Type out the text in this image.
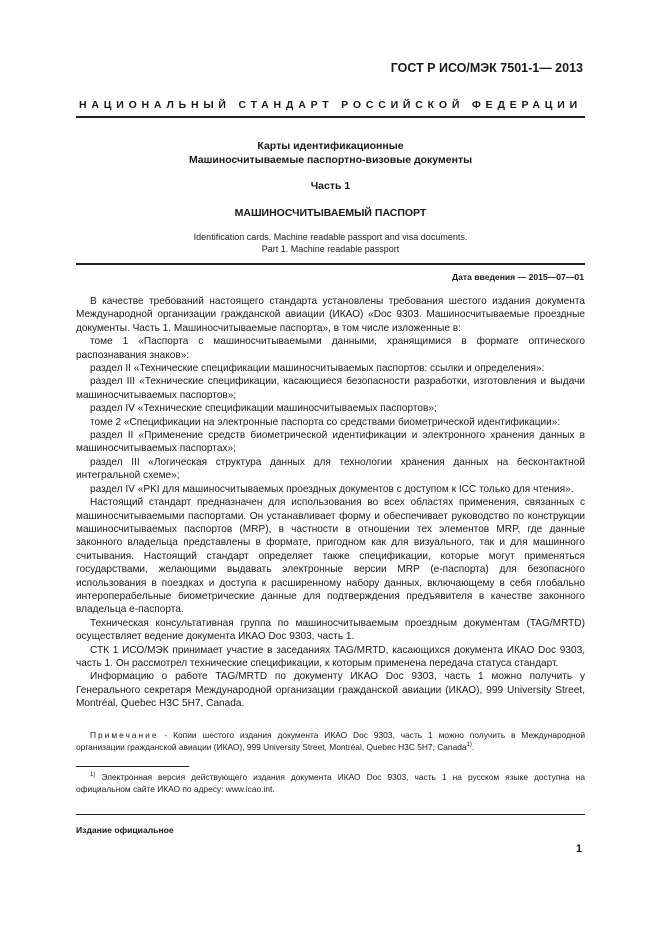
ГОСТ Р ИСО/МЭК 7501-1— 2013
НАЦИОНАЛЬНЫЙ СТАНДАРТ РОССИЙСКОЙ ФЕДЕРАЦИИ
Карты идентификационные
Машиносчитываемые паспортно-визовые документы
Часть 1
МАШИНОСЧИТЫВАЕМЫЙ ПАСПОРТ
Identification cards. Machine readable passport and visa documents.
Part 1. Machine readable passport
Дата введения — 2015—07—01

В качестве требований настоящего стандарта установлены требования шестого издания документа Международной организации гражданской авиации (ИКАО) «Doc 9303. Машиносчитываемые проездные документы. Часть 1. Машиносчитываемые паспорта», в том числе изложенные в:

томе 1 «Паспорта с машиносчитываемыми данными, хранящимися в формате оптического распознавания знаков»:

раздел II «Технические спецификации машиносчитываемых паспортов: ссылки и определения»:

раздел III «Технические спецификации, касающиеся безопасности разработки, изготовления и выдачи машиносчитываемых паспортов»;

раздел IV «Технические спецификации машиносчитываемых паспортов»;

томе 2 «Спецификации на электронные паспорта со средствами биометрической идентификации»:

раздел II «Применение средств биометрической идентификации и электронного хранения данных в машиносчитываемых паспортах»;

раздел III «Логическая структура данных для технологии хранения данных на бесконтактной интегральной схеме»;

раздел IV «PKI для машиносчитываемых проездных документов с доступом к ICC только для чтения».

Настоящий стандарт предназначен для использования во всех областях применения, связанных с машиносчитываемыми паспортами. Он устанавливает форму и обеспечивает руководство по конструкции машиносчитываемых паспортов (MRP), в частности в отношении тех элементов MRP, где данные законного владельца представлены в формате, пригодном как для визуального, так и для машинного считывания. Настоящий стандарт определяет также спецификации, которые могут применяться государствами, желающими выдавать электронные версии MRP (е-паспорта) для безопасного использования в поездках и доступа к расширенному набору данных, включающему в себя глобально интероперабельные биометрические данные для подтверждения предъявителя в качестве законного владельца е-паспорта.

Техническая консультативная группа по машиносчитываемым проездным документам (TAG/MRTD) осуществляет ведение документа ИКАО Doc 9303, часть 1.

СТК 1 ИСО/МЭК принимает участие в заседаниях TAG/MRTD, касающихся документа ИКАО Doc 9303, часть 1. Он рассмотрел технические спецификации, к которым применена передача статуса стандарт.

Информацию о работе TAG/MRTD по документу ИКАО Doc 9303, часть 1 можно получить у Генерального секретаря Международной организации гражданской авиации (ИКАО), 999 University Street, Montréal, Quebec H3C 5H7, Canada.

Примечание - Копии шестого издания документа ИКАО Doc 9303, часть 1 можно получить в Международной организации гражданской авиации (ИКАО), 999 University Street, Montréal, Quebec H3C 5H7, Canada$^{1)}$.
$^{1)}$ Электронная версия действующего издания документа ИКАО Doc 9303, часть 1 на русском языке доступна на официальном сайте ИКАО по адресу: www.icao.int.
Издание официальное
1
